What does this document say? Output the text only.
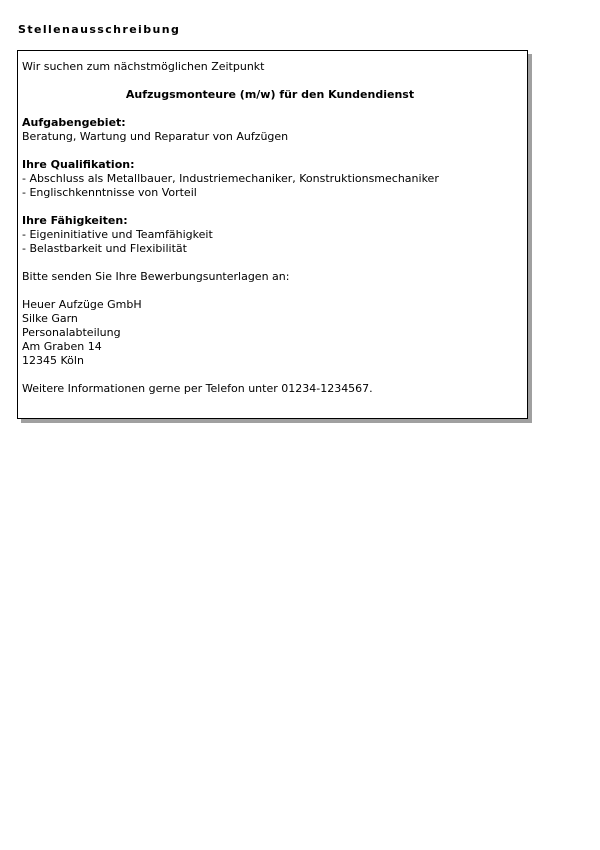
Stellenausschreibung
Wir suchen zum nächstmöglichen Zeitpunkt
Aufzugsmonteure (m/w) für den Kundendienst
Aufgabengebiet:
Beratung, Wartung und Reparatur von Aufzügen
Ihre Qualifikation:
- Abschluss als Metallbauer, Industriemechaniker, Konstruktionsmechaniker
- Englischkenntnisse von Vorteil
Ihre Fähigkeiten:
- Eigeninitiative und Teamfähigkeit
- Belastbarkeit und Flexibilität
Bitte senden Sie Ihre Bewerbungsunterlagen an:
Heuer Aufzüge GmbH
Silke Garn
Personalabteilung
Am Graben 14
12345 Köln
Weitere Informationen gerne per Telefon unter 01234-1234567.
